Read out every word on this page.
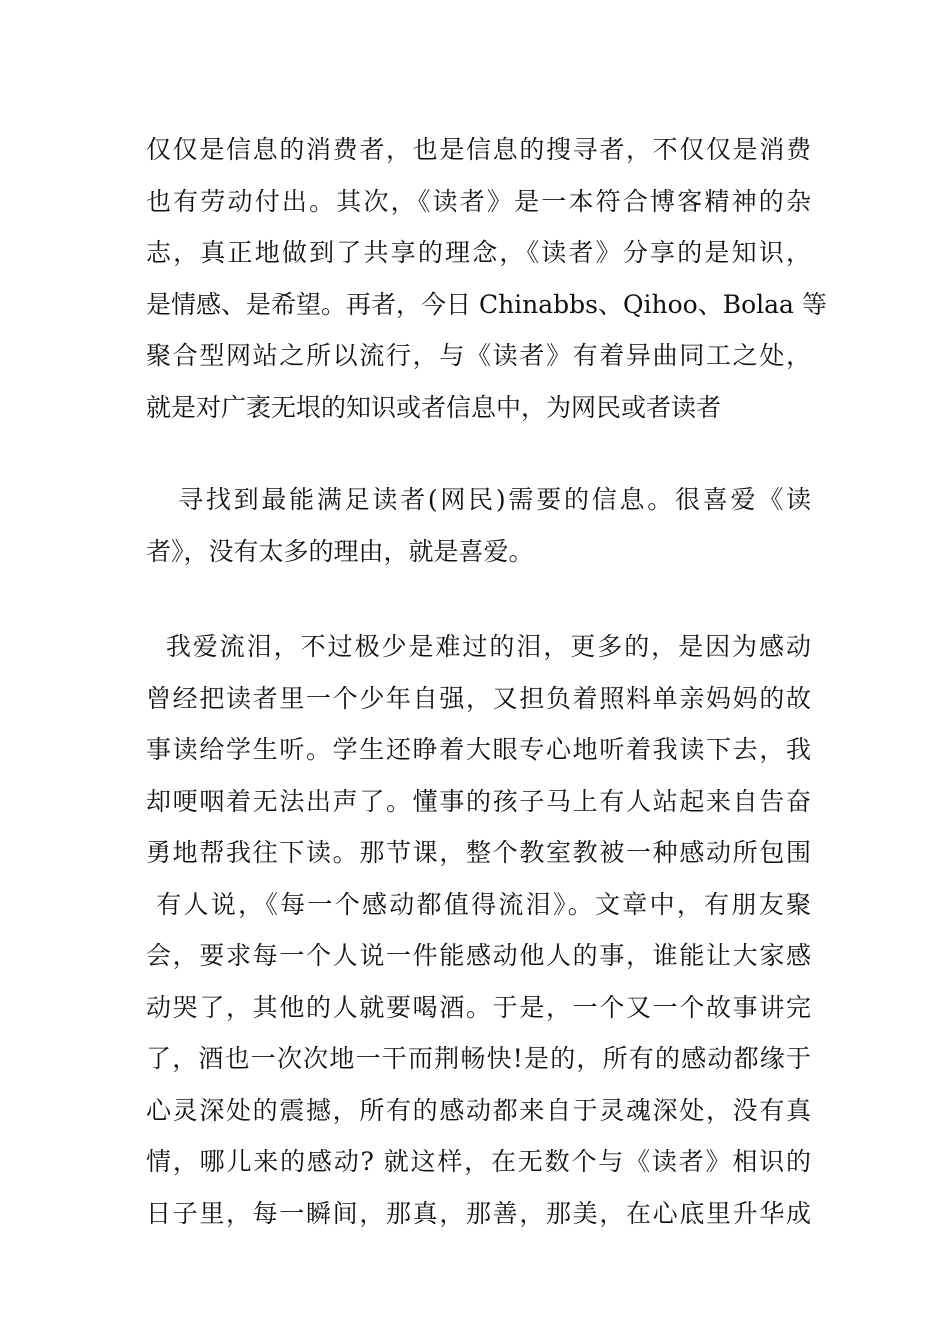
仅仅是信息的消费者，也是信息的搜寻者，不仅仅是消费
也有劳动付出。其次，《读者》是一本符合博客精神的杂
志，真正地做到了共享的理念，《读者》分享的是知识，
是情感、是希望。再者，今日 Chinabbs、Qihoo、Bolaa 等
聚合型网站之所以流行，与《读者》有着异曲同工之处，
就是对广袤无垠的知识或者信息中，为网民或者读者
寻找到最能满足读者(网民)需要的信息。很喜爱《读
者》，没有太多的理由，就是喜爱。
我爱流泪，不过极少是难过的泪，更多的，是因为感动
曾经把读者里一个少年自强，又担负着照料单亲妈妈的故
事读给学生听。学生还睁着大眼专心地听着我读下去，我
却哽咽着无法出声了。懂事的孩子马上有人站起来自告奋
勇地帮我往下读。那节课，整个教室教被一种感动所包围
有人说，《每一个感动都值得流泪》。文章中，有朋友聚
会，要求每一个人说一件能感动他人的事，谁能让大家感
动哭了，其他的人就要喝酒。于是，一个又一个故事讲完
了，酒也一次次地一干而荆畅快!是的，所有的感动都缘于
心灵深处的震撼，所有的感动都来自于灵魂深处，没有真
情，哪儿来的感动? 就这样，在无数个与《读者》相识的
日子里，每一瞬间，那真，那善，那美，在心底里升华成
